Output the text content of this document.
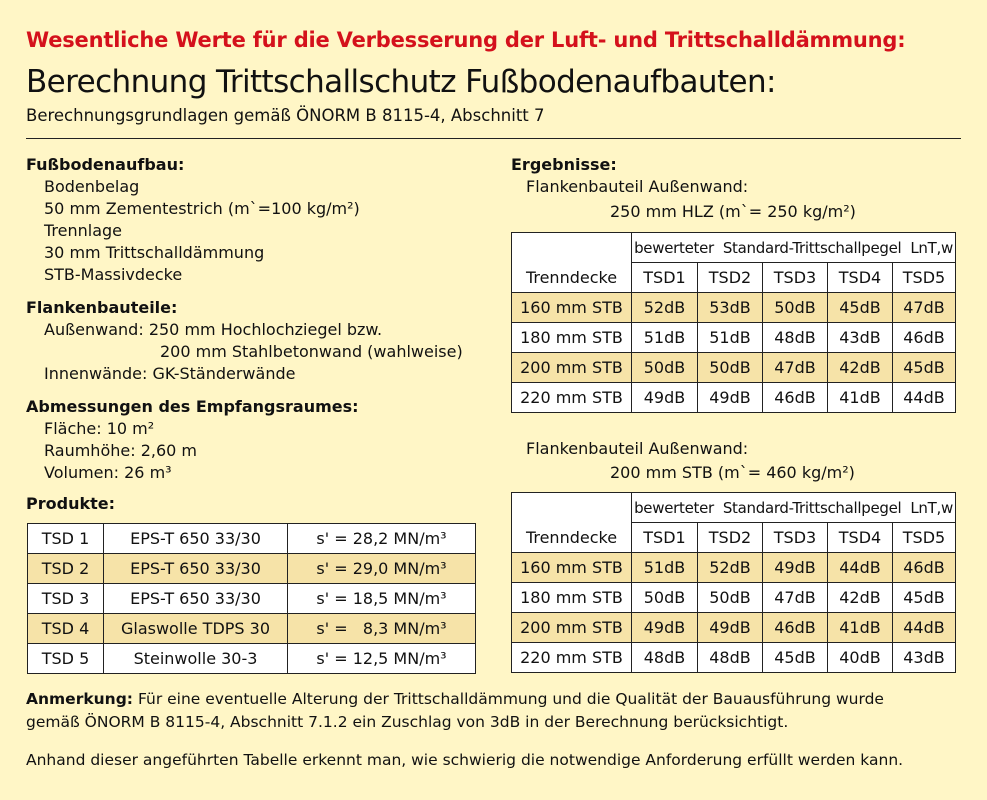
Wesentliche Werte für die Verbesserung der Luft- und Trittschalldämmung:
Berechnung Trittschallschutz Fußbodenaufbauten:
Berechnungsgrundlagen gemäß ÖNORM B 8115-4, Abschnitt 7
Fußbodenaufbau:
Bodenbelag
50 mm Zementestrich (m`=100 kg/m²)
Trennlage
30 mm Trittschalldämmung
STB-Massivdecke
Flankenbauteile:
Außenwand: 250 mm Hochlochziegel bzw.
200 mm Stahlbetonwand (wahlweise)
Innenwände: GK-Ständerwände
Abmessungen des Empfangsraumes:
Fläche: 10 m²
Raumhöhe: 2,60 m
Volumen: 26 m³
Produkte:
TSD 1	EPS-T 650 33/30	s' = 28,2 MN/m³
TSD 2	EPS-T 650 33/30	s' = 29,0 MN/m³
TSD 3	EPS-T 650 33/30	s' = 18,5 MN/m³
TSD 4	Glaswolle TDPS 30	s' =   8,3 MN/m³
TSD 5	Steinwolle 30-3	s' = 12,5 MN/m³
Ergebnisse:
Flankenbauteil Außenwand:
250 mm HLZ (m`= 250 kg/m²)
	bewerteter  Standard-Trittschallpegel  LnT,w				
Trenndecke	TSD1	TSD2	TSD3	TSD4	TSD5
160 mm STB	52dB	53dB	50dB	45dB	47dB
180 mm STB	51dB	51dB	48dB	43dB	46dB
200 mm STB	50dB	50dB	47dB	42dB	45dB
220 mm STB	49dB	49dB	46dB	41dB	44dB
Flankenbauteil Außenwand:
200 mm STB (m`= 460 kg/m²)
	bewerteter  Standard-Trittschallpegel  LnT,w				
Trenndecke	TSD1	TSD2	TSD3	TSD4	TSD5
160 mm STB	51dB	52dB	49dB	44dB	46dB
180 mm STB	50dB	50dB	47dB	42dB	45dB
200 mm STB	49dB	49dB	46dB	41dB	44dB
220 mm STB	48dB	48dB	45dB	40dB	43dB
Anmerkung: Für eine eventuelle Alterung der Trittschalldämmung und die Qualität der Bauausführung wurde
gemäß ÖNORM B 8115-4, Abschnitt 7.1.2 ein Zuschlag von 3dB in der Berechnung berücksichtigt.
Anhand dieser angeführten Tabelle erkennt man, wie schwierig die notwendige Anforderung erfüllt werden kann.
